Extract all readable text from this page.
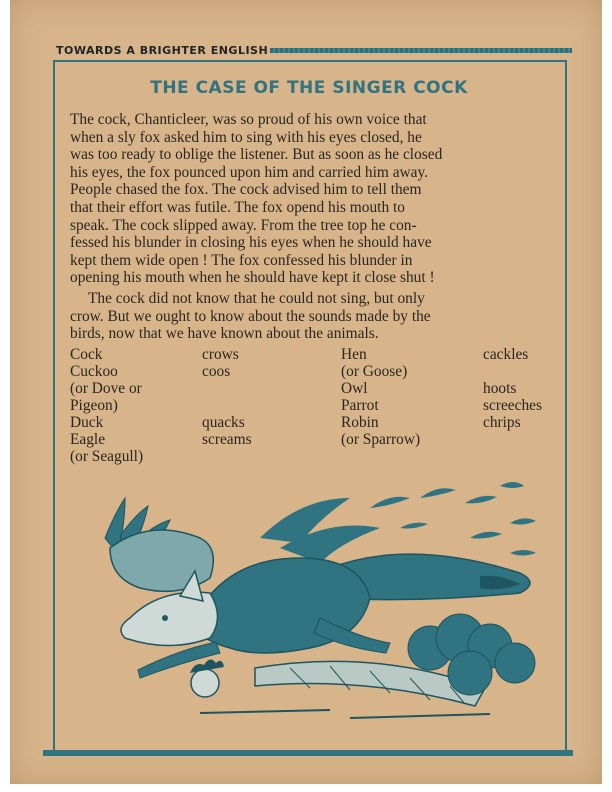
TOWARDS A BRIGHTER ENGLISH
THE CASE OF THE SINGER COCK
The cock, Chanticleer, was so proud of his own voice that
when a sly fox asked him to sing with his eyes closed, he
was too ready to oblige the listener. But as soon as he closed
his eyes, the fox pounced upon him and carried him away.
People chased the fox. The cock advised him to tell them
that their effort was futile. The fox opend his mouth to
speak. The cock slipped away. From the tree top he con-
fessed his blunder in closing his eyes when he should have
kept them wide open ! The fox confessed his blunder in
opening his mouth when he should have kept it close shut !
The cock did not know that he could not sing, but only
crow. But we ought to know about the sounds made by the
birds, now that we have known about the animals.
Cock
Cuckoo
(or Dove or
Pigeon)
Duck
Eagle
(or Seagull)
crows
coos
quacks
screams
Hen
(or Goose)
Owl
Parrot
Robin
(or Sparrow)
cackles
hoots
screeches
chrips
